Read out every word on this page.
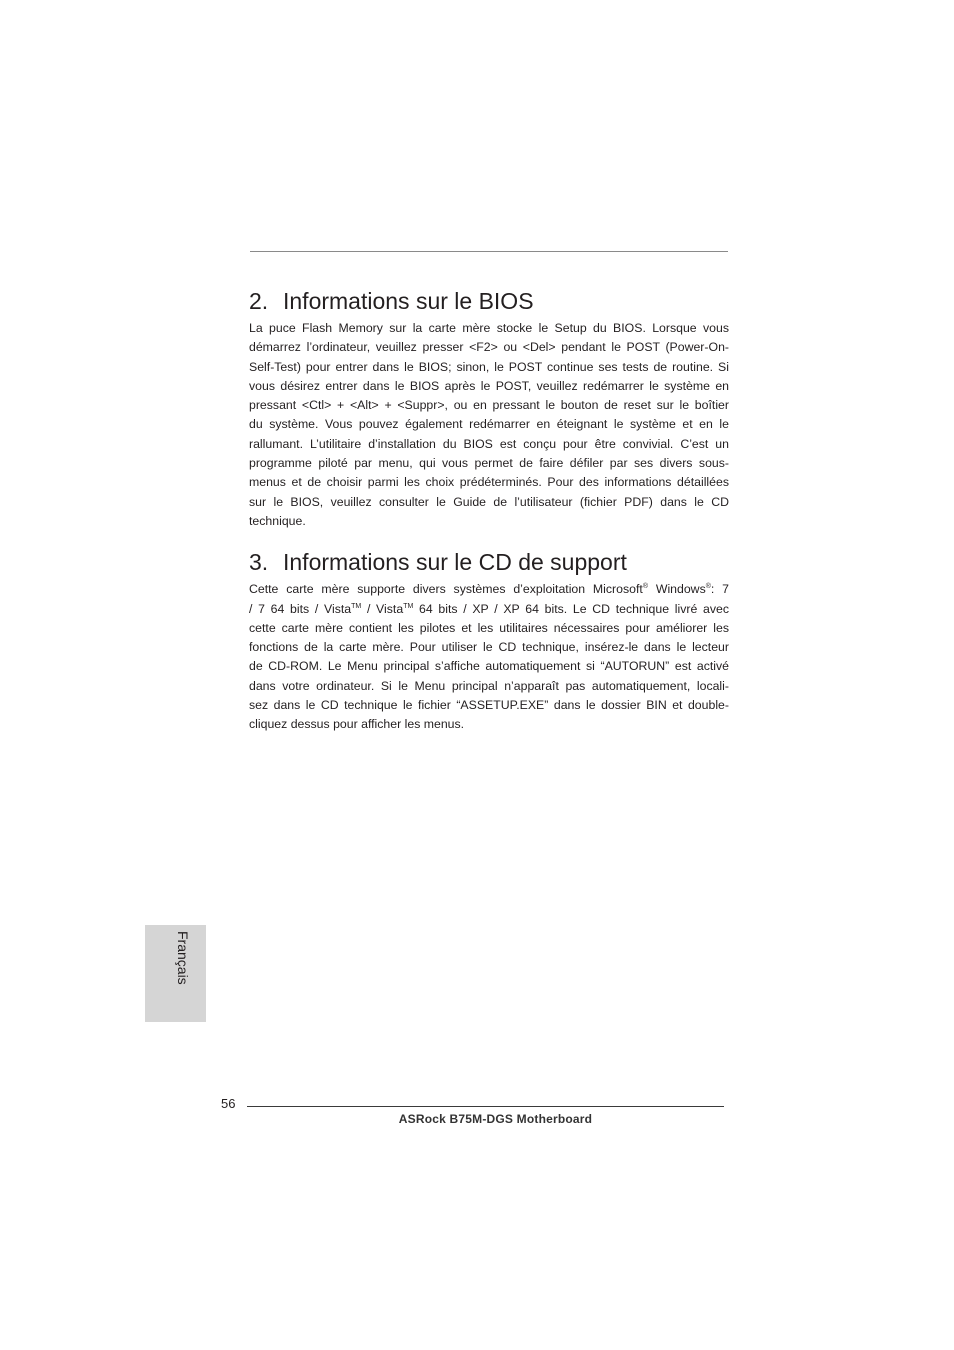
2. Informations sur le BIOS
La puce Flash Memory sur la carte mère stocke le Setup du BIOS. Lorsque vous
démarrez l’ordinateur, veuillez presser <F2> ou <Del> pendant le POST (Power-On-
Self-Test) pour entrer dans le BIOS; sinon, le POST continue ses tests de routine. Si
vous désirez entrer dans le BIOS après le POST, veuillez redémarrer le système en
pressant <Ctl> + <Alt> + <Suppr>, ou en pressant le bouton de reset sur le boîtier
du système. Vous pouvez également redémarrer en éteignant le système et en le
rallumant. L’utilitaire d’installation du BIOS est conçu pour être convivial. C’est un
programme piloté par menu, qui vous permet de faire défiler par ses divers sous-
menus et de choisir parmi les choix prédéterminés. Pour des informations détaillées
sur le BIOS, veuillez consulter le Guide de l’utilisateur (fichier PDF) dans le CD
technique.
3. Informations sur le CD de support
Cette carte mère supporte divers systèmes d’exploitation Microsoft® Windows®: 7
/ 7 64 bits / Vista™ / Vista™ 64 bits / XP / XP 64 bits. Le CD technique livré avec
cette carte mère contient les pilotes et les utilitaires nécessaires pour améliorer les
fonctions de la carte mère. Pour utiliser le CD technique, insérez-le dans le lecteur
de CD-ROM. Le Menu principal s’affiche automatiquement si “AUTORUN” est activé
dans votre ordinateur. Si le Menu principal n’apparaît pas automatiquement, locali-
sez dans le CD technique le fichier “ASSETUP.EXE” dans le dossier BIN et double-
cliquez dessus pour afficher les menus.
Français
56
ASRock B75M-DGS Motherboard
